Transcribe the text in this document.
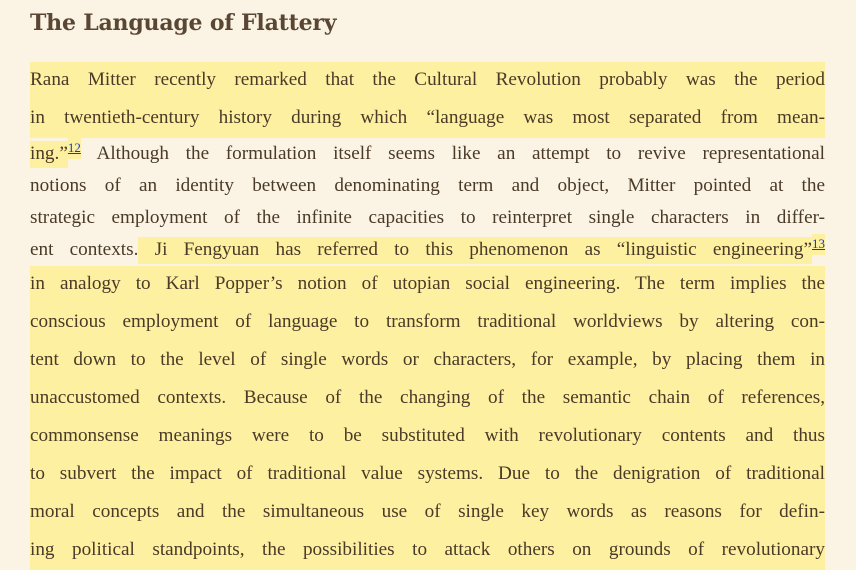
The Language of Flattery
Rana Mitter recently remarked that the Cultural Revolution probably was the period
in twentieth-century history during which “language was most separated from mean-
ing.”$^{12}$ Although the formulation itself seems like an attempt to revive representational
notions of an identity between denominating term and object, Mitter pointed at the
strategic employment of the infinite capacities to reinterpret single characters in differ-
ent contexts. Ji Fengyuan has referred to this phenomenon as “linguistic engineering”$^{13}$
in analogy to Karl Popper’s notion of utopian social engineering. The term implies the
conscious employment of language to transform traditional worldviews by altering con-
tent down to the level of single words or characters, for example, by placing them in
unaccustomed contexts. Because of the changing of the semantic chain of references,
commonsense meanings were to be substituted with revolutionary contents and thus
to subvert the impact of traditional value systems. Due to the denigration of traditional
moral concepts and the simultaneous use of single key words as reasons for defin-
ing political standpoints, the possibilities to attack others on grounds of revolutionary
